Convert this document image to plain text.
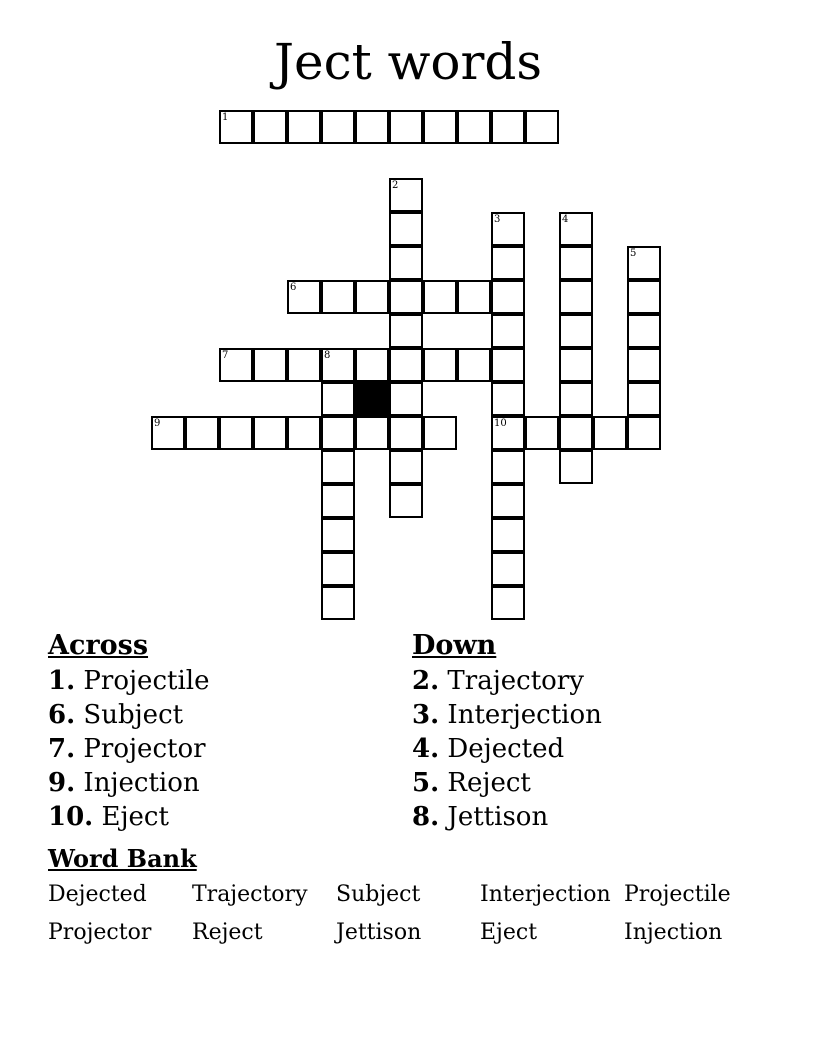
Ject words
1
2
3
10
4
5
6
7	8
9
Across
1. Projectile
6. Subject
7. Projector
9. Injection
10. Eject
Down
2. Trajectory
3. Interjection
4. Dejected
5. Reject
8. Jettison
Word Bank
Dejected Trajectory Subject	Interjection Projectile
Projector Reject	Jettison	Eject	Injection
